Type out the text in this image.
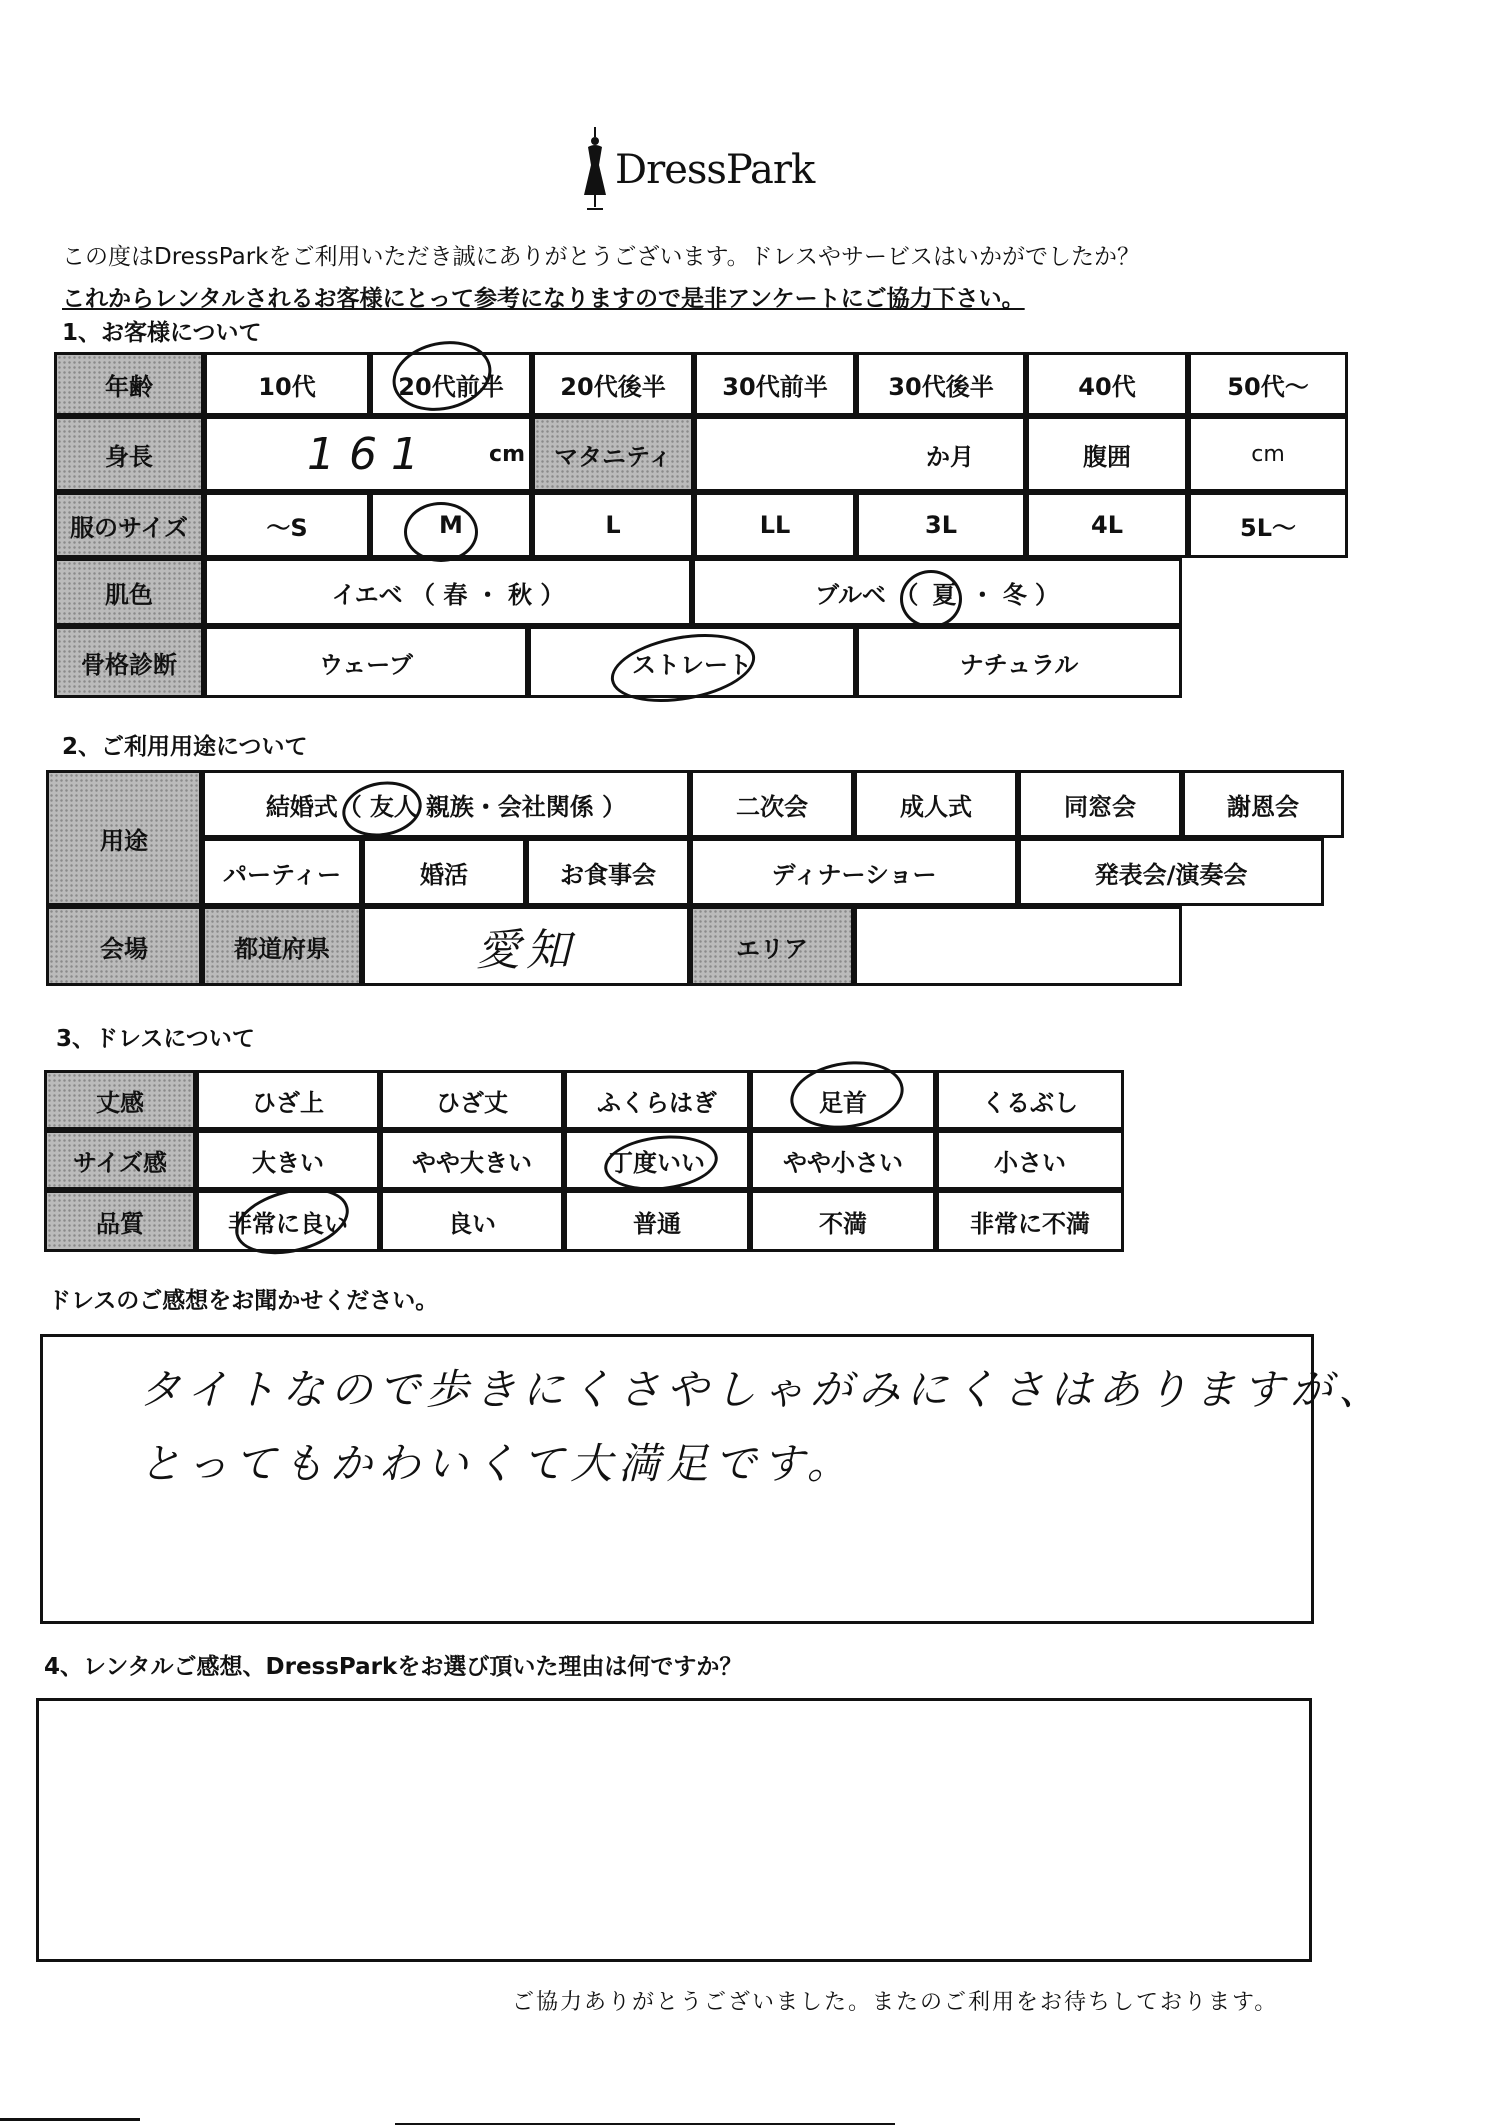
DressPark
この度はDressParkをご利用いただき誠にありがとうございます。ドレスやサービスはいかがでしたか？
これからレンタルされるお客様にとって参考になりますので是非アンケートにご協力下さい。
1、お客様について
年齢	10代	20代前半	20代後半	30代前半	30代後半	40代	50代〜
身長	161	cm	マタニティ	か月	腹囲	cm
服のサイズ	〜S	M	L	LL	3L	4L	5L〜
肌色	イエベ （ 春 ・ 秋 ）	ブルベ （ 夏 ・ 冬 ）
骨格診断	ウェーブ	ストレート	ナチュラル
2、ご利用用途について
用途
結婚式（ 友人 親族・会社関係 ）	二次会	成人式	同窓会	謝恩会
パーティー	婚活	お食事会	ディナーショー	発表会/演奏会
会場	都道府県	愛知	エリア
3、ドレスについて
丈感	ひざ上	ひざ丈	ふくらはぎ	足首	くるぶし
サイズ感	大きい	やや大きい	丁度いい	やや小さい	小さい
品質	非常に良い	良い	普通	不満	非常に不満
ドレスのご感想をお聞かせください。
タイトなので歩きにくさやしゃがみにくさはありますが、
とってもかわいくて大満足です。
4、レンタルご感想、DressParkをお選び頂いた理由は何ですか？
ご協力ありがとうございました。またのご利用をお待ちしております。
